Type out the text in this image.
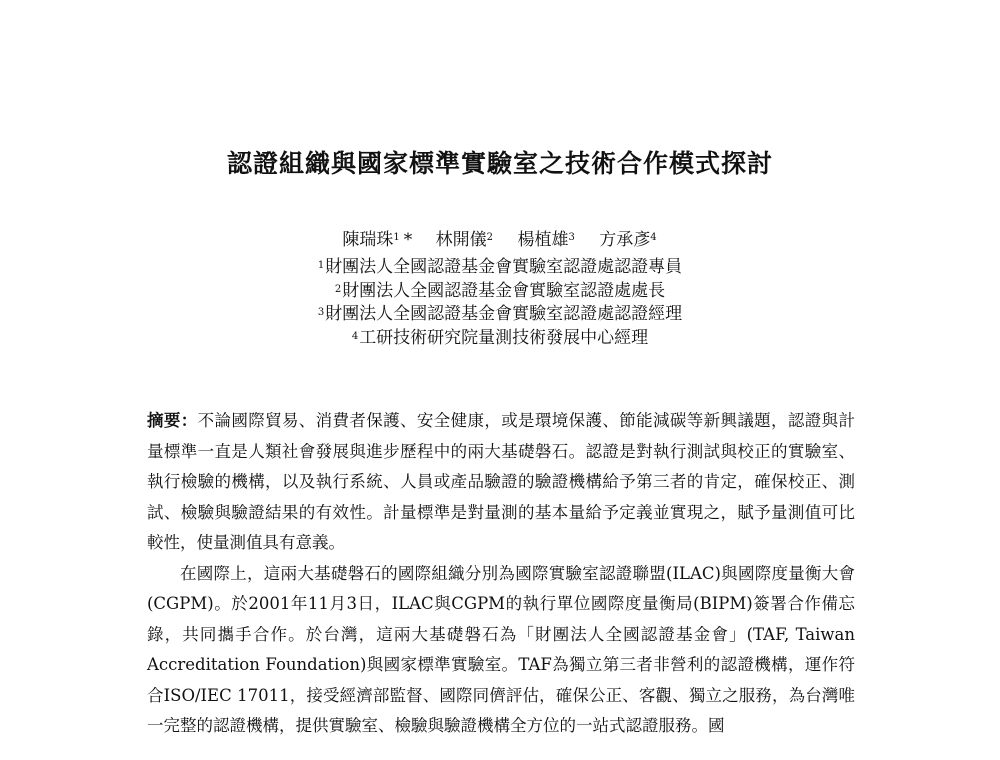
認證組織與國家標準實驗室之技術合作模式探討
陳瑞珠$^1$ * 林開儀$^2$ 楊植雄$^3$ 方承彥$^4$
$^1$財團法人全國認證基金會實驗室認證處認證專員
$^2$財團法人全國認證基金會實驗室認證處處長
$^3$財團法人全國認證基金會實驗室認證處認證經理
$^4$工研技術研究院量測技術發展中心經理

摘要：不論國際貿易、消費者保護、安全健康，或是環境保護、節能減碳等新興議題，認證與計量標準一直是人類社會發展與進步歷程中的兩大基礎磐石。認證是對執行測試與校正的實驗室、執行檢驗的機構，以及執行系統、人員或產品驗證的驗證機構給予第三者的肯定，確保校正、測試、檢驗與驗證結果的有效性。計量標準是對量測的基本量給予定義並實現之，賦予量測值可比較性，使量測值具有意義。

在國際上，這兩大基礎磐石的國際組織分別為國際實驗室認證聯盟(ILAC)與國際度量衡大會(CGPM)。於2001年11月3日，ILAC與CGPM的執行單位國際度量衡局(BIPM)簽署合作備忘錄，共同攜手合作。於台灣，這兩大基礎磐石為「財團法人全國認證基金會」(TAF, Taiwan Accreditation Foundation)與國家標準實驗室。TAF為獨立第三者非營利的認證機構，運作符合ISO/IEC 17011，接受經濟部監督、國際同儕評估，確保公正、客觀、獨立之服務，為台灣唯一完整的認證機構，提供實驗室、檢驗與驗證機構全方位的一站式認證服務。國
